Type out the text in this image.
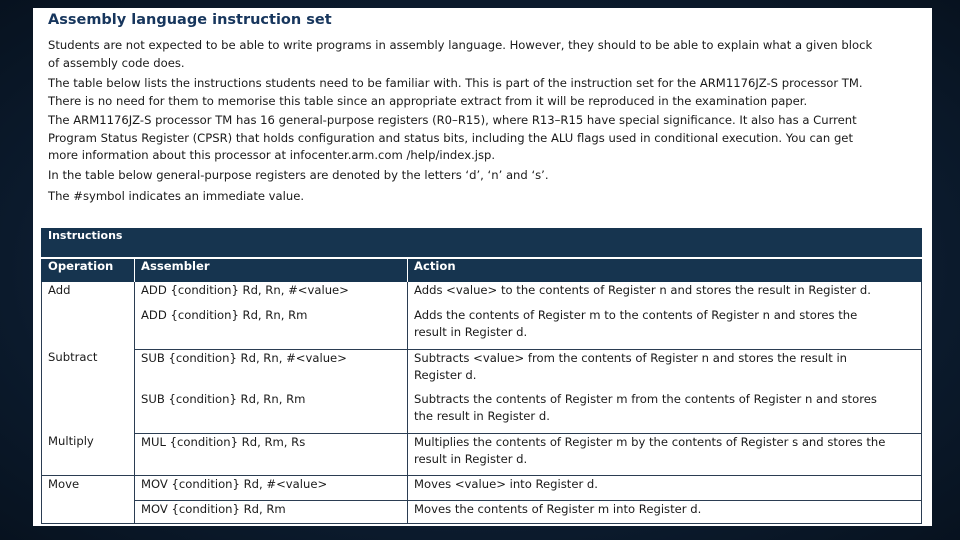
Assembly language instruction set
Students are not expected to be able to write programs in assembly language. However, they should to be able to explain what a given block
of assembly code does.
The table below lists the instructions students need to be familiar with. This is part of the instruction set for the ARM1176JZ-S processor TM.
There is no need for them to memorise this table since an appropriate extract from it will be reproduced in the examination paper.
The ARM1176JZ-S processor TM has 16 general-purpose registers (R0–R15), where R13–R15 have special significance. It also has a Current
Program Status Register (CPSR) that holds configuration and status bits, including the ALU flags used in conditional execution. You can get
more information about this processor at infocenter.arm.com /help/index.jsp.
In the table below general-purpose registers are denoted by the letters ‘d’, ‘n’ and ‘s’.
The #symbol indicates an immediate value.
Instructions		
Operation	Assembler	Action
Add	ADD {condition} Rd, Rn, #<value>	Adds <value> to the contents of Register n and stores the result in Register d.
	ADD {condition} Rd, Rn, Rm	Adds the contents of Register m to the contents of Register n and stores the
result in Register d.

Subtract	SUB {condition} Rd, Rn, #<value>	Subtracts <value> from the contents of Register n and stores the result in
Register d.

	SUB {condition} Rd, Rn, Rm	Subtracts the contents of Register m from the contents of Register n and stores
the result in Register d.

Multiply	MUL {condition} Rd, Rm, Rs	Multiplies the contents of Register m by the contents of Register s and stores the
result in Register d.

Move	MOV {condition} Rd, #<value>	Moves <value> into Register d.
	MOV {condition} Rd, Rm	Moves the contents of Register m into Register d.
